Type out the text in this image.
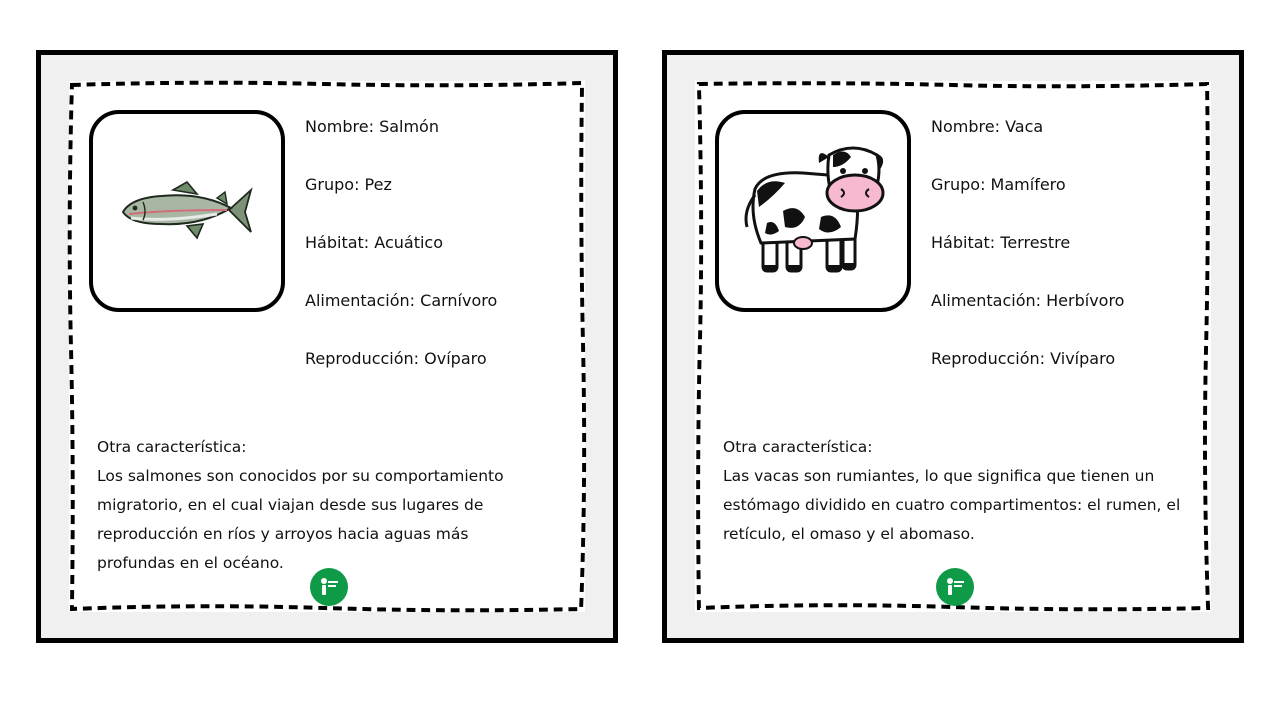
Nombre: Salmón
Grupo: Pez
Hábitat: Acuático
Alimentación: Carnívoro
Reproducción: Ovíparo
Otra característica:
Los salmones son conocidos por su comportamiento migratorio, en el cual viajan desde sus lugares de reproducción en ríos y arroyos hacia aguas más profundas en el océano.
Nombre: Vaca
Grupo: Mamífero
Hábitat: Terrestre
Alimentación: Herbívoro
Reproducción: Vivíparo
Otra característica:
Las vacas son rumiantes, lo que significa que tienen un estómago dividido en cuatro compartimentos: el rumen, el retículo, el omaso y el abomaso.
